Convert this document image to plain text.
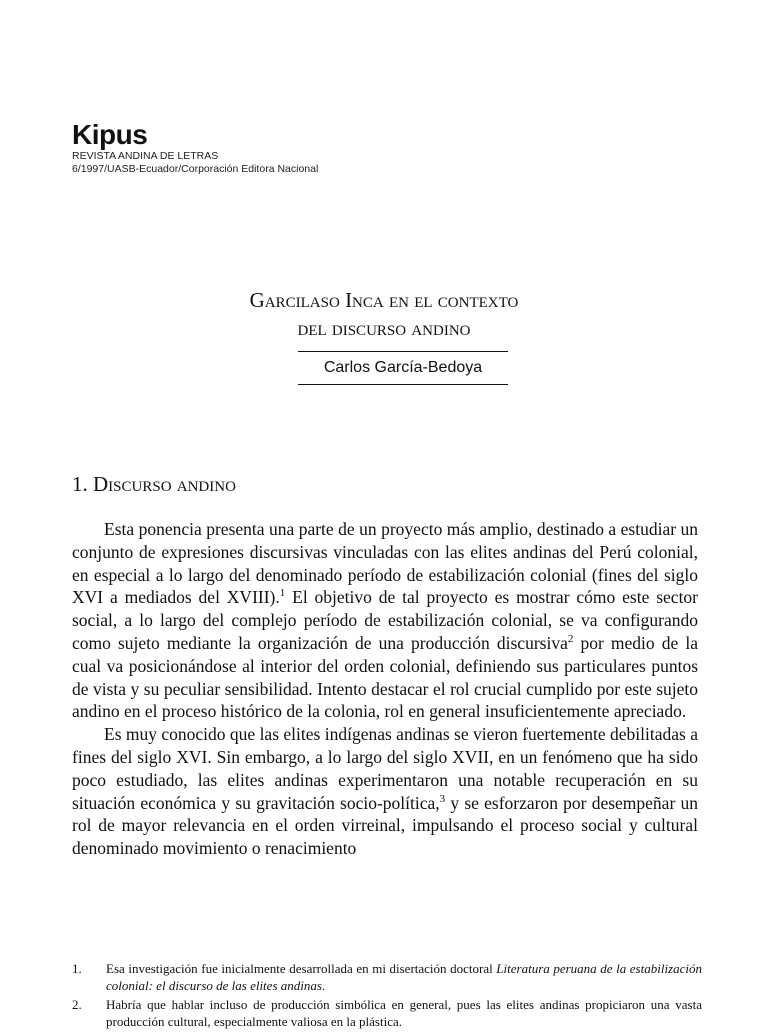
Kipus
REVISTA ANDINA DE LETRAS
6/1997/UASB-Ecuador/Corporación Editora Nacional
Garcilaso Inca en el contexto
del discurso andino
Carlos García-Bedoya
1. Discurso andino

Esta ponencia presenta una parte de un proyecto más amplio, destinado a estudiar un conjunto de expresiones discursivas vinculadas con las elites andinas del Perú colonial, en especial a lo largo del denominado período de estabilización colonial (fines del siglo XVI a mediados del XVIII).$^1$ El objetivo de tal proyecto es mostrar cómo este sector social, a lo largo del complejo período de estabilización colonial, se va configurando como sujeto mediante la organización de una producción discursiva$^2$ por medio de la cual va posicionándose al interior del orden colonial, definiendo sus particulares puntos de vista y su peculiar sensibilidad. Intento destacar el rol crucial cumplido por este sujeto andino en el proceso histórico de la colonia, rol en general insuficientemente apreciado.

Es muy conocido que las elites indígenas andinas se vieron fuertemente debilitadas a fines del siglo XVI. Sin embargo, a lo largo del siglo XVII, en un fenómeno que ha sido poco estudiado, las elites andinas experimentaron una notable recuperación en su situación económica y su gravitación socio-política,$^3$ y se esforzaron por desempeñar un rol de mayor relevancia en el orden virreinal, impulsando el proceso social y cultural denominado movimiento o renacimiento

1.	Esa investigación fue inicialmente desarrollada en mi disertación doctoral Literatura peruana de la estabilización colonial: el discurso de las elites andinas.
2.	Habría que hablar incluso de producción simbólica en general, pues las elites andinas propiciaron una vasta producción cultural, especialmente valiosa en la plástica.
